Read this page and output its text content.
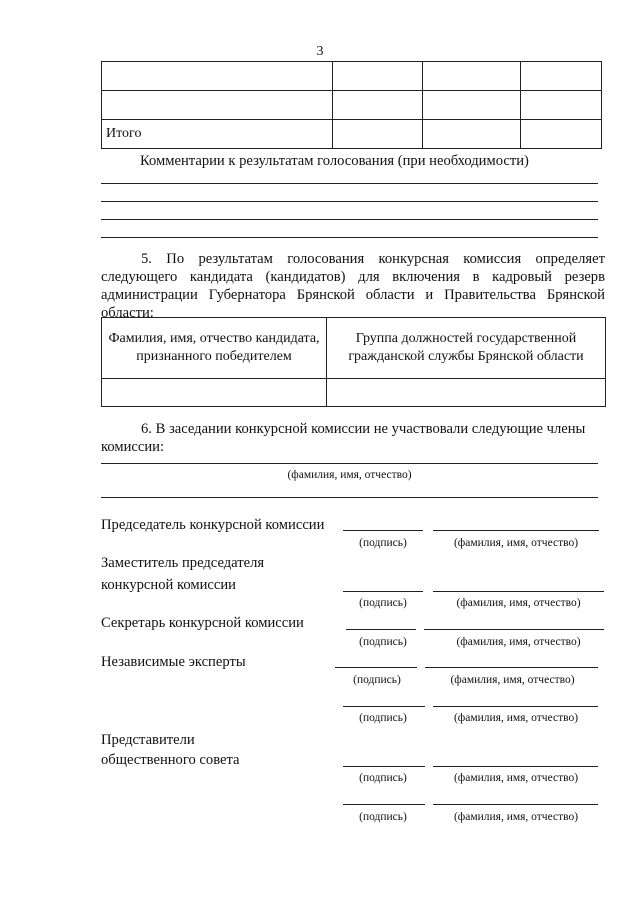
3

Итого			
Комментарии к результатам голосования (при необходимости)
5. По результатам голосования конкурсная комиссия определяет следующего кандидата (кандидатов) для включения в кадровый резерв администрации Губернатора Брянской области и Правительства Брянской области:
Фамилия, имя, отчество кандидата, признанного победителем	Группа должностей государственной гражданской службы Брянской области

6. В заседании конкурсной комиссии не участвовали следующие члены комиссии:
(фамилия, имя, отчество)
Председатель конкурсной комиссии
(подпись)	(фамилия, имя, отчество)
Заместитель председателя
конкурсной комиссии
(подпись)	(фамилия, имя, отчество)
Секретарь конкурсной комиссии
(подпись)	(фамилия, имя, отчество)
Независимые эксперты
(подпись)	(фамилия, имя, отчество)
(подпись)	(фамилия, имя, отчество)
Представители
общественного совета
(подпись)	(фамилия, имя, отчество)
(подпись)	(фамилия, имя, отчество)
